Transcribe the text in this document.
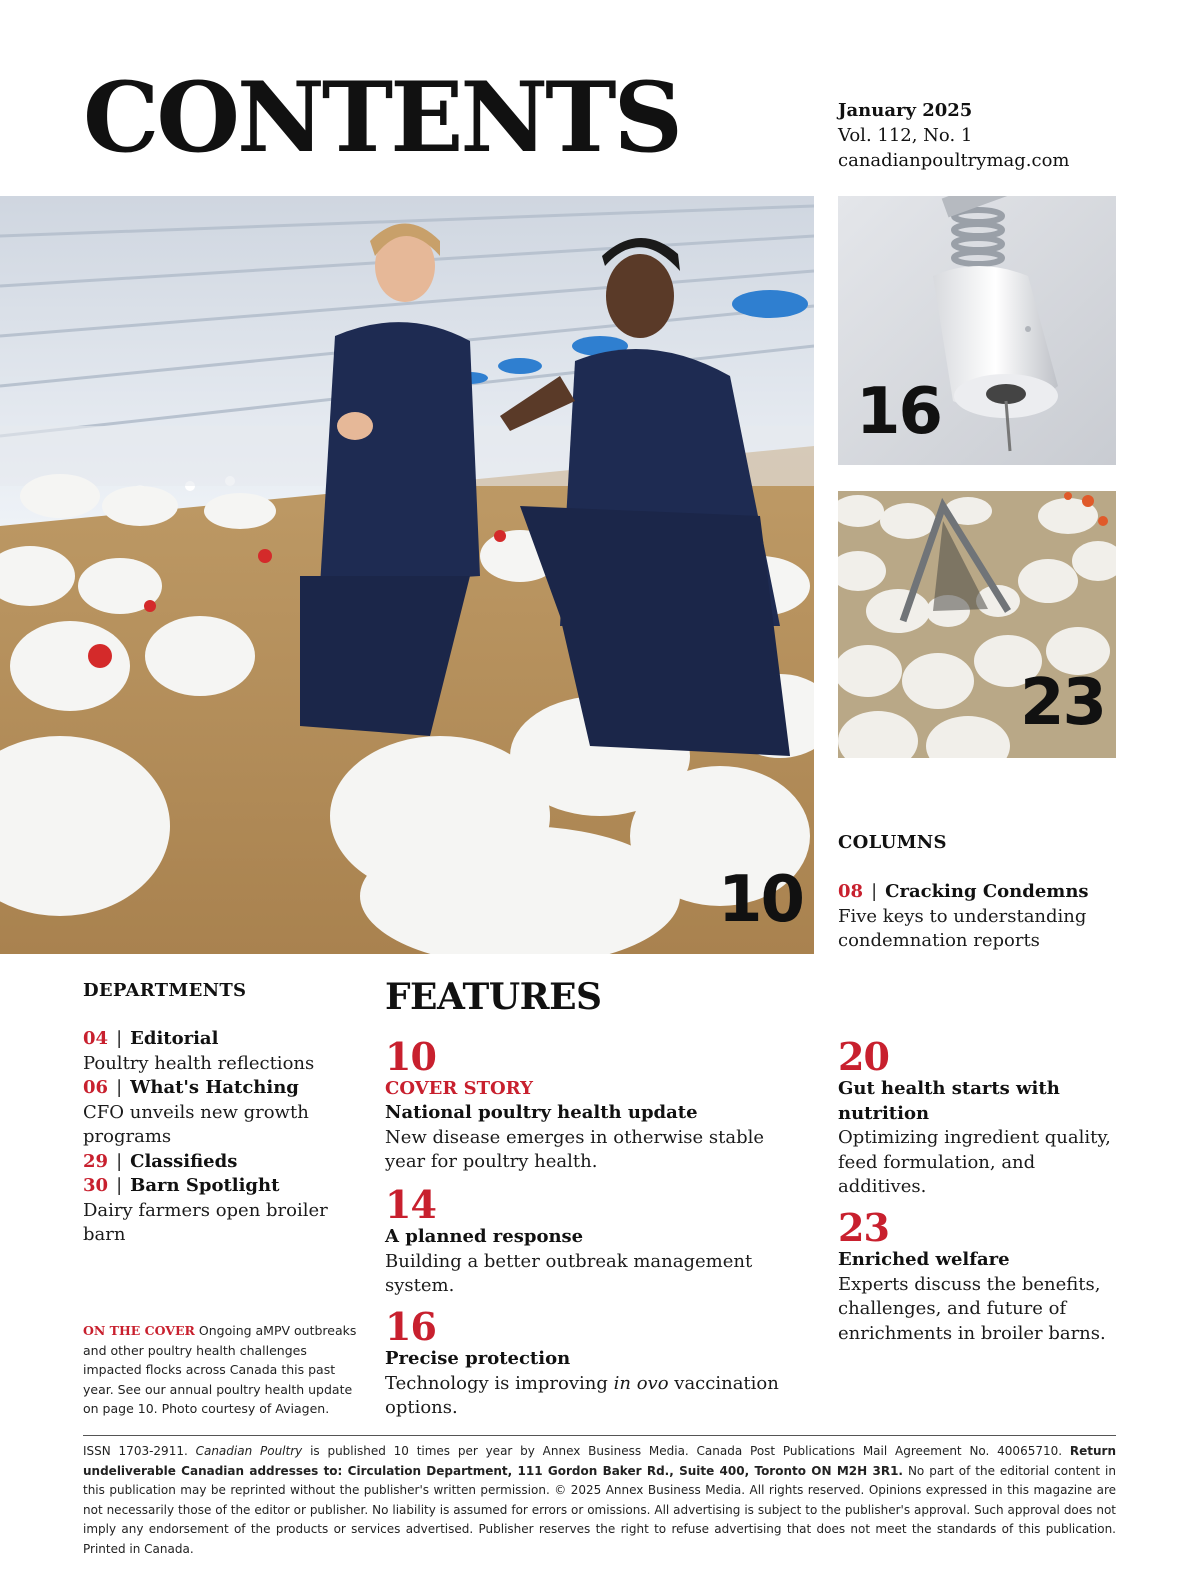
CONTENTS	January 2025
Vol. 112, No. 1
canadianpoultrymag.com
10
16
23
COLUMNS
08 | Cracking Condemns
Five keys to understanding condemnation reports
DEPARTMENTS
04 | Editorial
Poultry health reflections
06 | What's Hatching
CFO unveils new growth programs
29 | Classifieds
30 | Barn Spotlight
Dairy farmers open broiler barn
ON THE COVER Ongoing aMPV outbreaks and other poultry health challenges impacted flocks across Canada this past year. See our annual poultry health update on page 10. Photo courtesy of Aviagen.
FEATURES
10
COVER STORY
National poultry health update
New disease emerges in otherwise stable year for poultry health.
14
A planned response
Building a better outbreak management system.
16
Precise protection
Technology is improving in ovo vaccination options.
20
Gut health starts with nutrition
Optimizing ingredient quality, feed formulation, and additives.
23
Enriched welfare
Experts discuss the benefits, challenges, and future of enrichments in broiler barns.
ISSN 1703-2911. Canadian Poultry is published 10 times per year by Annex Business Media. Canada Post Publications Mail Agreement No. 40065710. Return undeliverable Canadian addresses to: Circulation Department, 111 Gordon Baker Rd., Suite 400, Toronto ON M2H 3R1. No part of the editorial content in this publication may be reprinted without the publisher's written permission. © 2025 Annex Business Media. All rights reserved. Opinions expressed in this magazine are not necessarily those of the editor or publisher. No liability is assumed for errors or omissions. All advertising is subject to the publisher's approval. Such approval does not imply any endorsement of the products or services advertised. Publisher reserves the right to refuse advertising that does not meet the standards of this publication. Printed in Canada.
